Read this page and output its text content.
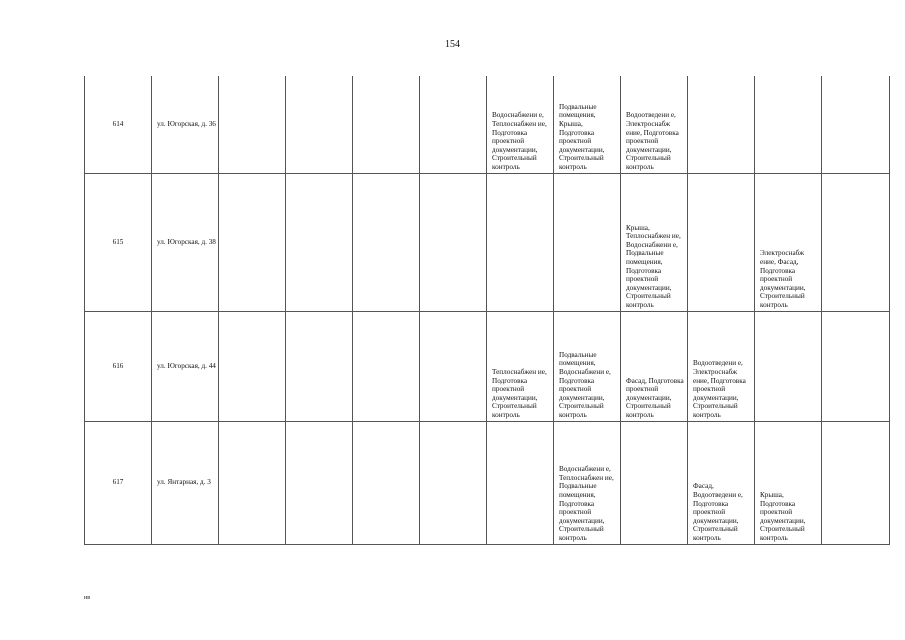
154
614	ул. Югорская, д. 36					Водоснабжени е, Теплоснабжен ие, Подготовка проектной документации, Строительный контроль	Подвальные помещения, Крыша, Подготовка проектной документации, Строительный контроль	Водоотведени е, Электроснабж ение, Подготовка проектной документации, Строительный контроль			
615	ул. Югорская, д. 38							Крыша, Теплоснабжен ие, Водоснабжени е, Подвальные помещения, Подготовка проектной документации, Строительный контроль		Электроснабж ение, Фасад, Подготовка проектной документации, Строительный контроль	
616	ул. Югорская, д. 44					Теплоснабжен ие, Подготовка проектной документации, Строительный контроль	Подвальные помещения, Водоснабжени е, Подготовка проектной документации, Строительный контроль	Фасад, Подготовка проектной документации, Строительный контроль	Водоотведени е, Электроснабж ение, Подготовка проектной документации, Строительный контроль		
617	ул. Янтарная, д. 3						Водоснабжени е, Теплоснабжен ие, Подвальные помещения, Подготовка проектной документации, Строительный контроль		Фасад, Водоотведени е, Подготовка проектной документации, Строительный контроль	Крыша, Подготовка проектной документации, Строительный контроль	
нв
